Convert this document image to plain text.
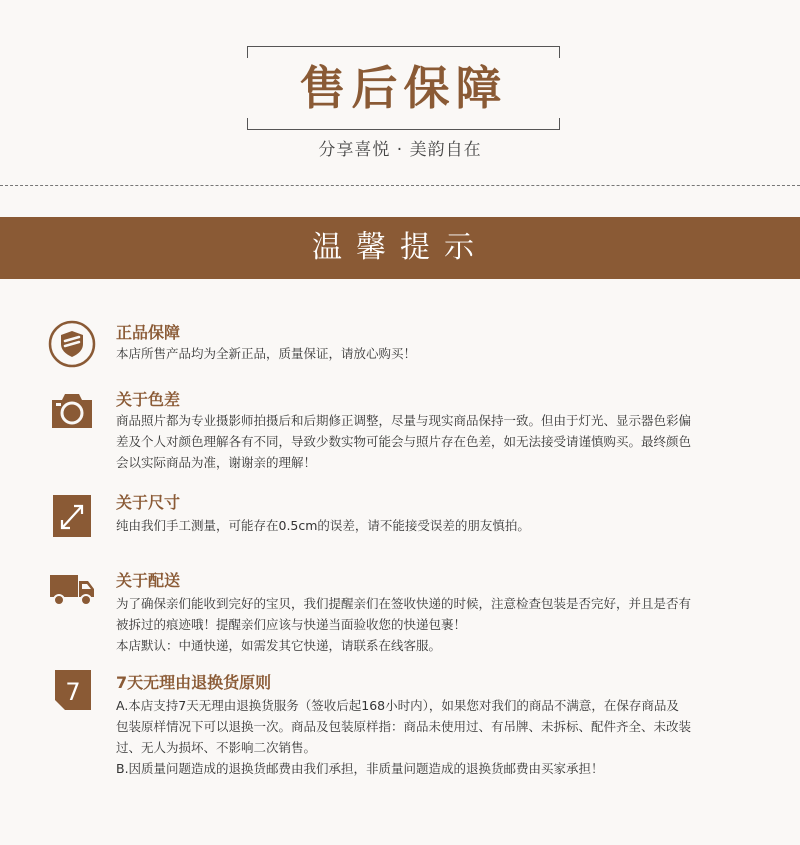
售后保障
分享喜悦 · 美韵自在
温馨提示
正品保障
本店所售产品均为全新正品，质量保证，请放心购买！
关于色差
商品照片都为专业摄影师拍摄后和后期修正调整，尽量与现实商品保持一致。但由于灯光、显示器色彩偏
差及个人对颜色理解各有不同，导致少数实物可能会与照片存在色差，如无法接受请谨慎购买。最终颜色
会以实际商品为准，谢谢亲的理解！
关于尺寸
纯由我们手工测量，可能存在0.5cm的误差，请不能接受误差的朋友慎拍。
关于配送
为了确保亲们能收到完好的宝贝，我们提醒亲们在签收快递的时候，注意检查包装是否完好，并且是否有
被拆过的痕迹哦！提醒亲们应该与快递当面验收您的快递包裹！
本店默认：中通快递，如需发其它快递，请联系在线客服。
7 7天无理由退换货原则
A.本店支持7天无理由退换货服务（签收后起168小时内），如果您对我们的商品不满意，在保存商品及
包装原样情况下可以退换一次。商品及包装原样指：商品未使用过、有吊牌、未拆标、配件齐全、未改装
过、无人为损坏、不影响二次销售。
B.因质量问题造成的退换货邮费由我们承担，非质量问题造成的退换货邮费由买家承担！
